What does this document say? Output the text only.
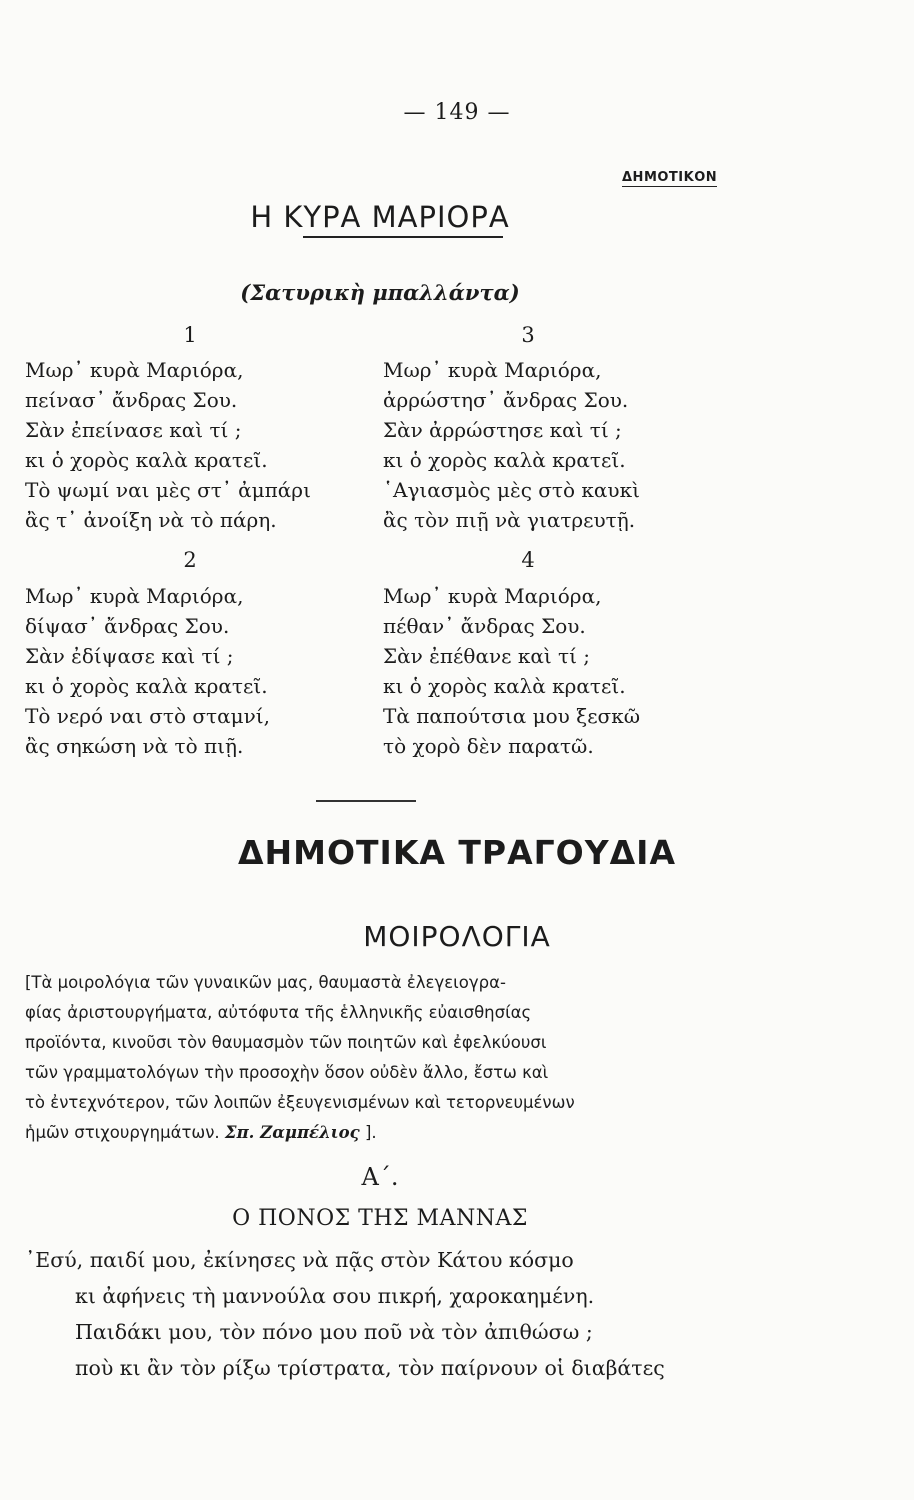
— 149 —
ΔΗΜΟΤΙΚΟΝ
Η ΚΥΡΑ ΜΑΡΙΟΡΑ
(Σατυρικὴ μπαλλάντα)
1
Μωρ᾽ κυρὰ Μαριόρα,
πείνασ᾽ ἄνδρας Σου.
Σὰν ἐπείνασε καὶ τί ;
κι ὁ χορὸς καλὰ κρατεῖ.
Τὸ ψωμί ναι μὲς στ᾽ ἀμπάρι
ἂς τ᾽ ἀνοίξη νὰ τὸ πάρη.
3
Μωρ᾽ κυρὰ Μαριόρα,
ἀρρώστησ᾽ ἄνδρας Σου.
Σὰν ἀρρώστησε καὶ τί ;
κι ὁ χορὸς καλὰ κρατεῖ.
῾Αγιασμὸς μὲς στὸ καυκὶ
ἂς τὸν πιῇ νὰ γιατρευτῇ.
2
Μωρ᾽ κυρὰ Μαριόρα,
δίψασ᾽ ἄνδρας Σου.
Σὰν ἐδίψασε καὶ τί ;
κι ὁ χορὸς καλὰ κρατεῖ.
Τὸ νερό ναι στὸ σταμνί,
ἂς σηκώση νὰ τὸ πιῇ.
4
Μωρ᾽ κυρὰ Μαριόρα,
πέθαν᾽ ἄνδρας Σου.
Σὰν ἐπέθανε καὶ τί ;
κι ὁ χορὸς καλὰ κρατεῖ.
Τὰ παπούτσια μου ξεσκῶ
τὸ χορὸ δὲν παρατῶ.
ΔΗΜΟΤΙΚΑ ΤΡΑΓΟΥΔΙΑ
ΜΟΙΡΟΛΟΓΙΑ
[Τὰ μοιρολόγια τῶν γυναικῶν μας, θαυμαστὰ ἐλεγειογρα-
φίας ἀριστουργήματα, αὐτόφυτα τῆς ἑλληνικῆς εὐαισθησίας
προϊόντα, κινοῦσι τὸν θαυμασμὸν τῶν ποιητῶν καὶ ἐφελκύουσι
τῶν γραμματολόγων τὴν προσοχὴν ὅσον οὐδὲν ἄλλο, ἔστω καὶ
τὸ ἐντεχνότερον, τῶν λοιπῶν ἐξευγενισμένων καὶ τετορνευμένων
ἡμῶν στιχουργημάτων. Σπ. Ζαμπέλιος ].
Α΄.
Ο ΠΟΝΟΣ ΤΗΣ ΜΑΝΝΑΣ
᾿Εσύ, παιδί μου, ἐκίνησες νὰ πᾷς στὸν Κάτου κόσμο
κι ἀφήνεις τὴ μαννούλα σου πικρή, χαροκαημένη.
Παιδάκι μου, τὸν πόνο μου ποῦ νὰ τὸν ἀπιθώσω ;
ποὺ κι ἂν τὸν ρίξω τρίστρατα, τὸν παίρνουν οἱ διαβάτες
